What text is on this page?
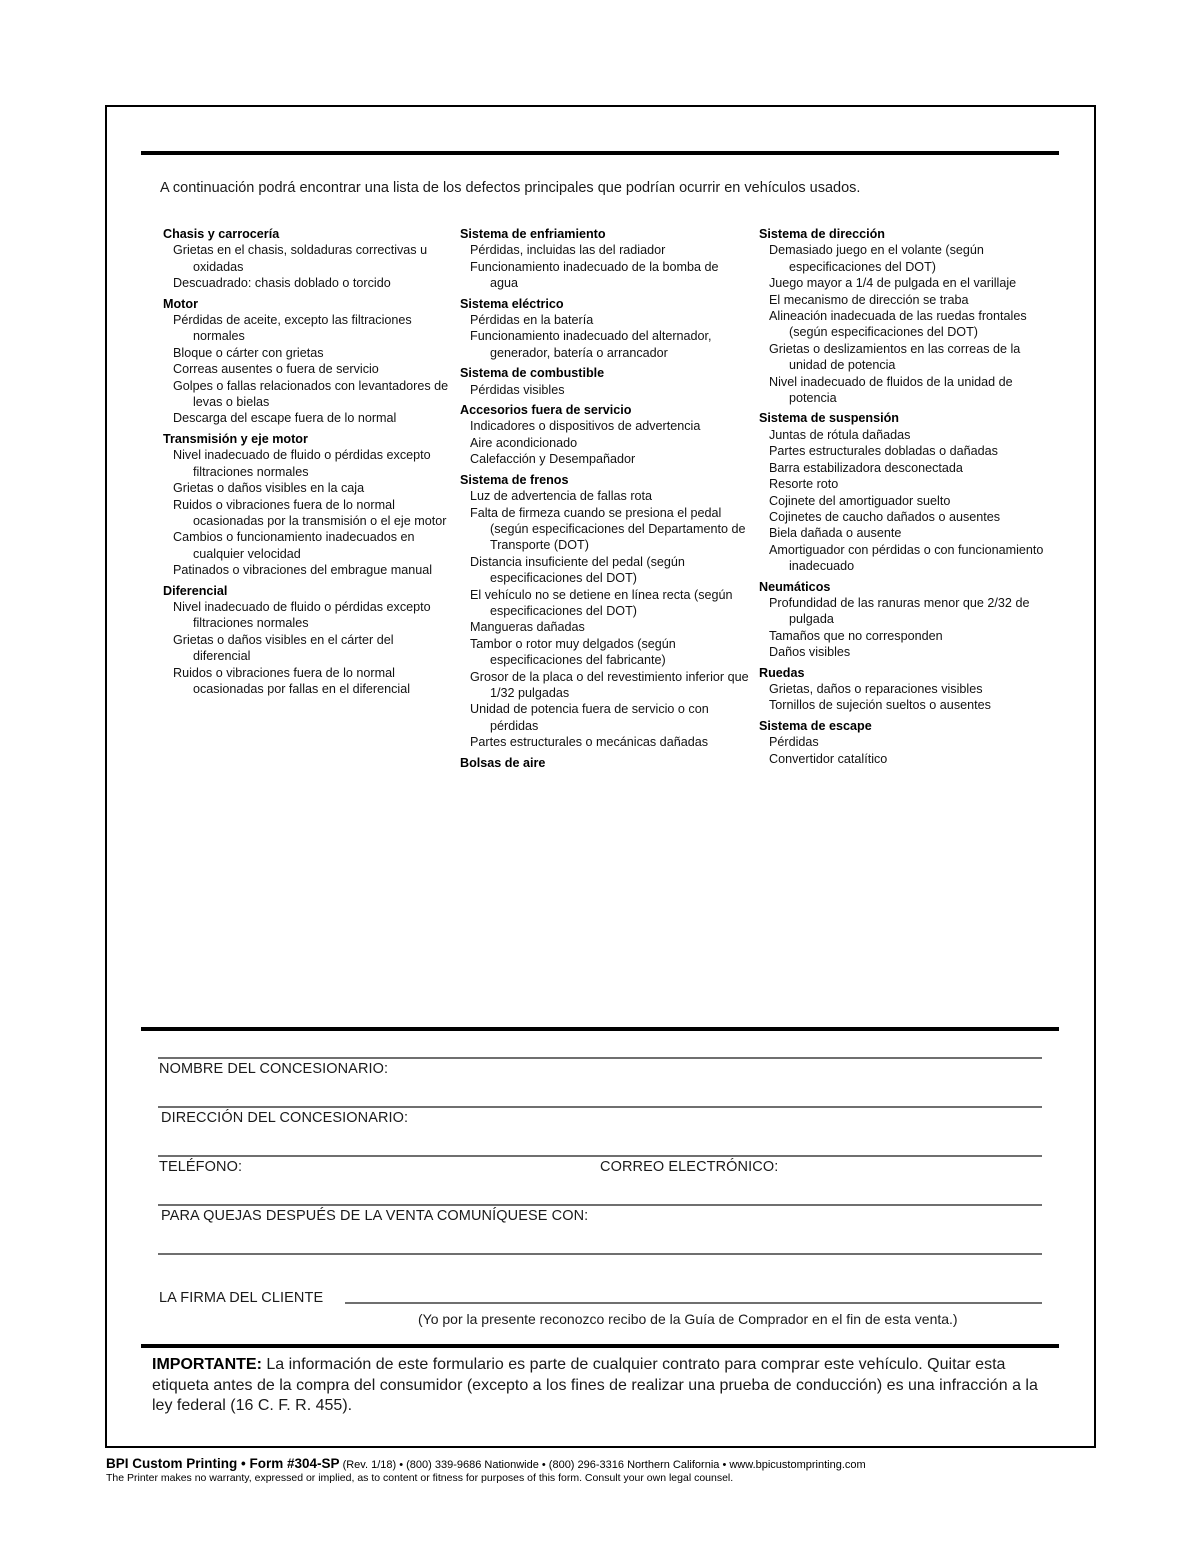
A continuación podrá encontrar una lista de los defectos principales que podrían ocurrir en vehículos usados.
Chasis y carrocería
Grietas en el chasis, soldaduras correctivas u oxidadas
Descuadrado: chasis doblado o torcido
Motor
Pérdidas de aceite, excepto las filtraciones normales
Bloque o cárter con grietas
Correas ausentes o fuera de servicio
Golpes o fallas relacionados con levantadores de levas o bielas
Descarga del escape fuera de lo normal
Transmisión y eje motor
Nivel inadecuado de fluido o pérdidas excepto filtraciones normales
Grietas o daños visibles en la caja
Ruidos o vibraciones fuera de lo normal ocasionadas por la transmisión o el eje motor
Cambios o funcionamiento inadecuados en cualquier velocidad
Patinados o vibraciones del embrague manual
Diferencial
Nivel inadecuado de fluido o pérdidas excepto filtraciones normales
Grietas o daños visibles en el cárter del diferencial
Ruidos o vibraciones fuera de lo normal ocasionadas por fallas en el diferencial
Sistema de enfriamiento
Pérdidas, incluidas las del radiador
Funcionamiento inadecuado de la bomba de agua
Sistema eléctrico
Pérdidas en la batería
Funcionamiento inadecuado del alternador, generador, batería o arrancador
Sistema de combustible
Pérdidas visibles
Accesorios fuera de servicio
Indicadores o dispositivos de advertencia
Aire acondicionado
Calefacción y Desempañador
Sistema de frenos
Luz de advertencia de fallas rota
Falta de firmeza cuando se presiona el pedal (según especificaciones del Departamento de Transporte (DOT)
Distancia insuficiente del pedal (según especificaciones del DOT)
El vehículo no se detiene en línea recta (según especificaciones del DOT)
Mangueras dañadas
Tambor o rotor muy delgados (según especificaciones del fabricante)
Grosor de la placa o del revestimiento inferior que 1/32 pulgadas
Unidad de potencia fuera de servicio o con pérdidas
Partes estructurales o mecánicas dañadas
Bolsas de aire
Sistema de dirección
Demasiado juego en el volante (según especificaciones del DOT)
Juego mayor a 1/4 de pulgada en el varillaje
El mecanismo de dirección se traba
Alineación inadecuada de las ruedas frontales (según especificaciones del DOT)
Grietas o deslizamientos en las correas de la unidad de potencia
Nivel inadecuado de fluidos de la unidad de potencia
Sistema de suspensión
Juntas de rótula dañadas
Partes estructurales dobladas o dañadas
Barra estabilizadora desconectada
Resorte roto
Cojinete del amortiguador suelto
Cojinetes de caucho dañados o ausentes
Biela dañada o ausente
Amortiguador con pérdidas o con funcionamiento inadecuado
Neumáticos
Profundidad de las ranuras menor que 2/32 de pulgada
Tamaños que no corresponden
Daños visibles
Ruedas
Grietas, daños o reparaciones visibles
Tornillos de sujeción sueltos o ausentes
Sistema de escape
Pérdidas
Convertidor catalítico
NOMBRE DEL CONCESIONARIO:
DIRECCIÓN DEL CONCESIONARIO:
TELÉFONO:	CORREO ELECTRÓNICO:
PARA QUEJAS DESPUÉS DE LA VENTA COMUNÍQUESE CON:
LA FIRMA DEL CLIENTE
(Yo por la presente reconozco recibo de la Guía de Comprador en el fin de esta venta.)
IMPORTANTE: La información de este formulario es parte de cualquier contrato para comprar este vehículo. Quitar esta etiqueta antes de la compra del consumidor (excepto a los fines de realizar una prueba de conducción) es una infracción a la ley federal (16 C. F. R. 455).
BPI Custom Printing • Form #304-SP (Rev. 1/18) • (800) 339-9686 Nationwide • (800) 296-3316 Northern California • www.bpicustomprinting.com
The Printer makes no warranty, expressed or implied, as to content or fitness for purposes of this form. Consult your own legal counsel.
